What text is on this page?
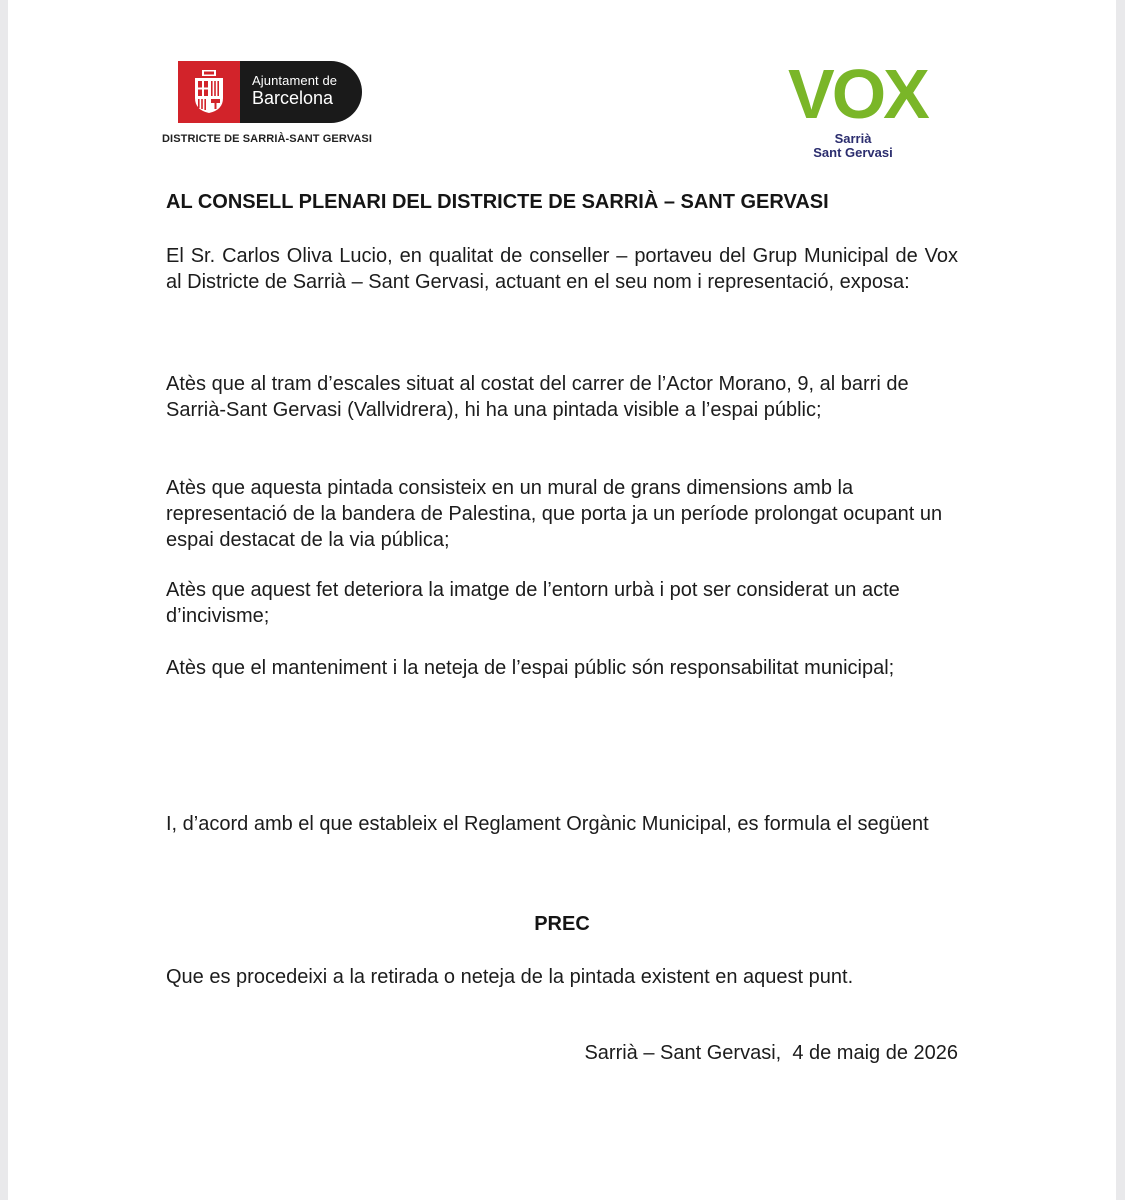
Ajuntament de
Barcelona
DISTRICTE DE SARRIÀ-SANT GERVASI
VOX
Sarrià
Sant Gervasi
AL CONSELL PLENARI DEL DISTRICTE DE SARRIÀ – SANT GERVASI
El Sr. Carlos Oliva Lucio, en qualitat de conseller – portaveu del Grup Municipal de Vox al Districte de Sarrià – Sant Gervasi, actuant en el seu nom i representació, exposa:
Atès que al tram d’escales situat al costat del carrer de l’Actor Morano, 9, al barri de Sarrià-Sant Gervasi (Vallvidrera), hi ha una pintada visible a l’espai públic;
Atès que aquesta pintada consisteix en un mural de grans dimensions amb la representació de la bandera de Palestina, que porta ja un període prolongat ocupant un espai destacat de la via pública;
Atès que aquest fet deteriora la imatge de l’entorn urbà i pot ser considerat un acte d’incivisme;
Atès que el manteniment i la neteja de l’espai públic són responsabilitat municipal;
I, d’acord amb el que estableix el Reglament Orgànic Municipal, es formula el següent
PREC
Que es procedeixi a la retirada o neteja de la pintada existent en aquest punt.
Sarrià – Sant Gervasi,  4 de maig de 2026
